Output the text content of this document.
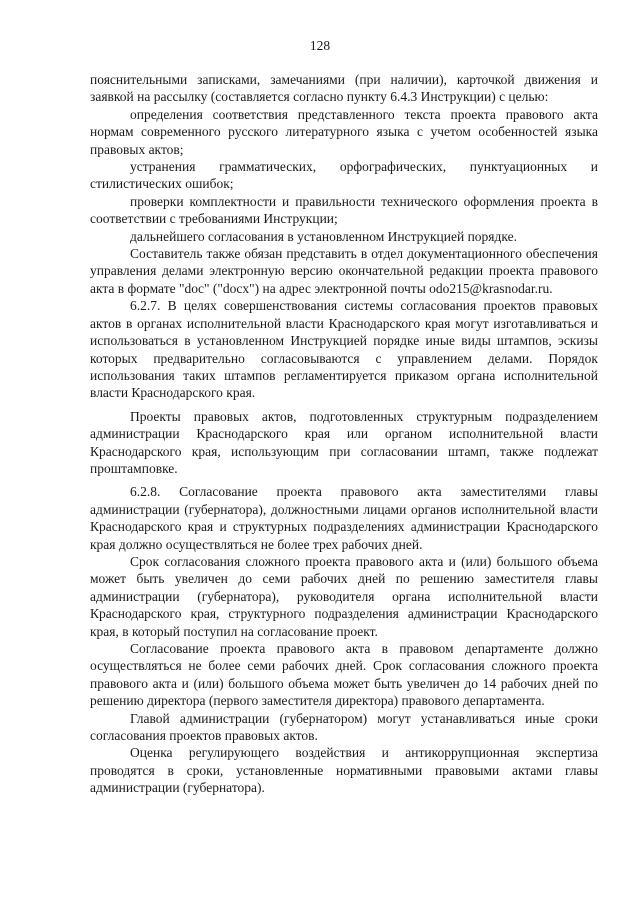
128

пояснительными записками, замечаниями (при наличии), карточкой движения и заявкой на рассылку (составляется согласно пункту 6.4.3 Инструкции) с целью:

определения соответствия представленного текста проекта правового акта нормам современного русского литературного языка с учетом особенностей языка правовых актов;

устранения грамматических, орфографических, пунктуационных и стилистических ошибок;

проверки комплектности и правильности технического оформления проекта в соответствии с требованиями Инструкции;

дальнейшего согласования в установленном Инструкцией порядке.

Составитель также обязан представить в отдел документационного обеспечения управления делами электронную версию окончательной редакции проекта правового акта в формате "doc" ("docx") на адрес электронной почты odo215@krasnodar.ru.

6.2.7. В целях совершенствования системы согласования проектов правовых актов в органах исполнительной власти Краснодарского края могут изготавливаться и использоваться в установленном Инструкцией порядке иные виды штампов, эскизы которых предварительно согласовываются с управлением делами. Порядок использования таких штампов регламентируется приказом органа исполнительной власти Краснодарского края.

Проекты правовых актов, подготовленных структурным подразделением администрации Краснодарского края или органом исполнительной власти Краснодарского края, использующим при согласовании штамп, также подлежат проштамповке.

6.2.8. Согласование проекта правового акта заместителями главы администрации (губернатора), должностными лицами органов исполнительной власти Краснодарского края и структурных подразделениях администрации Краснодарского края должно осуществляться не более трех рабочих дней.

Срок согласования сложного проекта правового акта и (или) большого объема может быть увеличен до семи рабочих дней по решению заместителя главы администрации (губернатора), руководителя органа исполнительной власти Краснодарского края, структурного подразделения администрации Краснодарского края, в который поступил на согласование проект.

Согласование проекта правового акта в правовом департаменте должно осуществляться не более семи рабочих дней. Срок согласования сложного проекта правового акта и (или) большого объема может быть увеличен до 14 рабочих дней по решению директора (первого заместителя директора) правового департамента.

Главой администрации (губернатором) могут устанавливаться иные сроки согласования проектов правовых актов.

Оценка регулирующего воздействия и антикоррупционная экспертиза проводятся в сроки, установленные нормативными правовыми актами главы администрации (губернатора).
